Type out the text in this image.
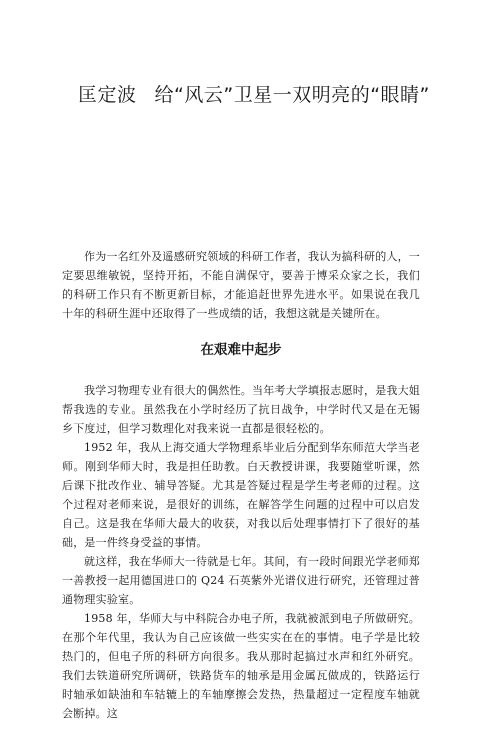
匡定波 给“风云”卫星一双明亮的“眼睛”

作为一名红外及遥感研究领域的科研工作者，我认为搞科研的人，一定要思维敏锐，坚持开拓，不能自满保守，要善于博采众家之长，我们的科研工作只有不断更新目标，才能追赶世界先进水平。如果说在我几十年的科研生涯中还取得了一些成绩的话，我想这就是关键所在。

在艰难中起步

我学习物理专业有很大的偶然性。当年考大学填报志愿时，是我大姐帮我选的专业。虽然我在小学时经历了抗日战争，中学时代又是在无锡乡下度过，但学习数理化对我来说一直都是很轻松的。

1952 年，我从上海交通大学物理系毕业后分配到华东师范大学当老师。刚到华师大时，我是担任助教。白天教授讲课，我要随堂听课，然后课下批改作业、辅导答疑。尤其是答疑过程是学生考老师的过程。这个过程对老师来说，是很好的训练，在解答学生问题的过程中可以启发自己。这是我在华师大最大的收获，对我以后处理事情打下了很好的基础，是一件终身受益的事情。

就这样，我在华师大一待就是七年。其间，有一段时间跟光学老师郑一善教授一起用德国进口的 Q24 石英紫外光谱仪进行研究，还管理过普通物理实验室。

1958 年，华师大与中科院合办电子所，我就被派到电子所做研究。在那个年代里，我认为自己应该做一些实实在在的事情。电子学是比较热门的，但电子所的科研方向很多。我从那时起搞过水声和红外研究。我们去铁道研究所调研，铁路货车的轴承是用金属瓦做成的，铁路运行时轴承如缺油和车轱辘上的车轴摩擦会发热，热量超过一定程度车轴就会断掉。这
